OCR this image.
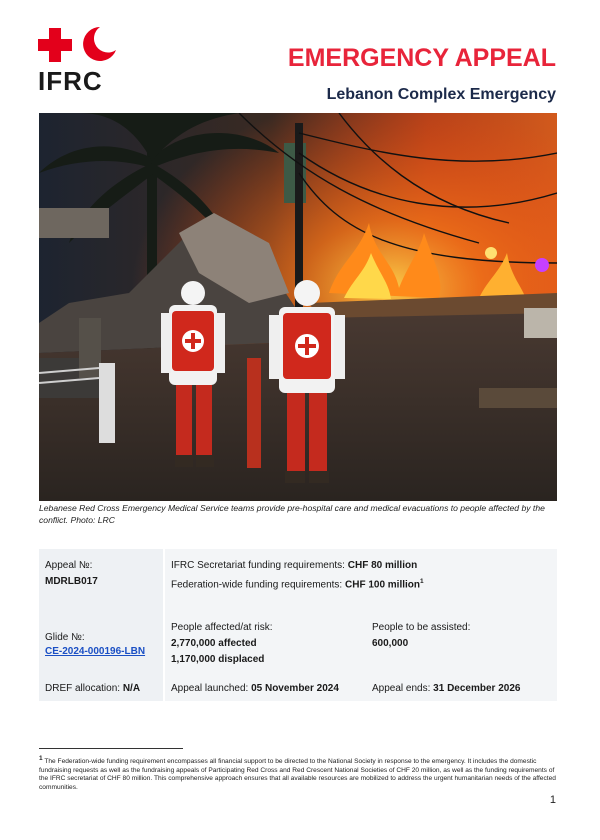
IFRC
EMERGENCY APPEAL
Lebanon Complex Emergency
Lebanese Red Cross Emergency Medical Service teams provide pre-hospital care and medical evacuations to people affected by the conflict. Photo: LRC
Appeal №:
MDRLB017
IFRC Secretariat funding requirements: CHF 80 million
Federation-wide funding requirements: CHF 100 million$^1$
Glide №:
CE-2024-000196-LBN
People affected/at risk:
2,770,000 affected
1,170,000 displaced
People to be assisted:
600,000
DREF allocation: N/A	Appeal launched: 05 November 2024	Appeal ends: 31 December 2026
1 The Federation-wide funding requirement encompasses all financial support to be directed to the National Society in response to the emergency. It includes the domestic fundraising requests as well as the fundraising appeals of Participating Red Cross and Red Crescent National Societies of CHF 20 million, as well as the funding requirements of the IFRC secretariat of CHF 80 million. This comprehensive approach ensures that all available resources are mobilized to address the urgent humanitarian needs of the affected communities.
1
